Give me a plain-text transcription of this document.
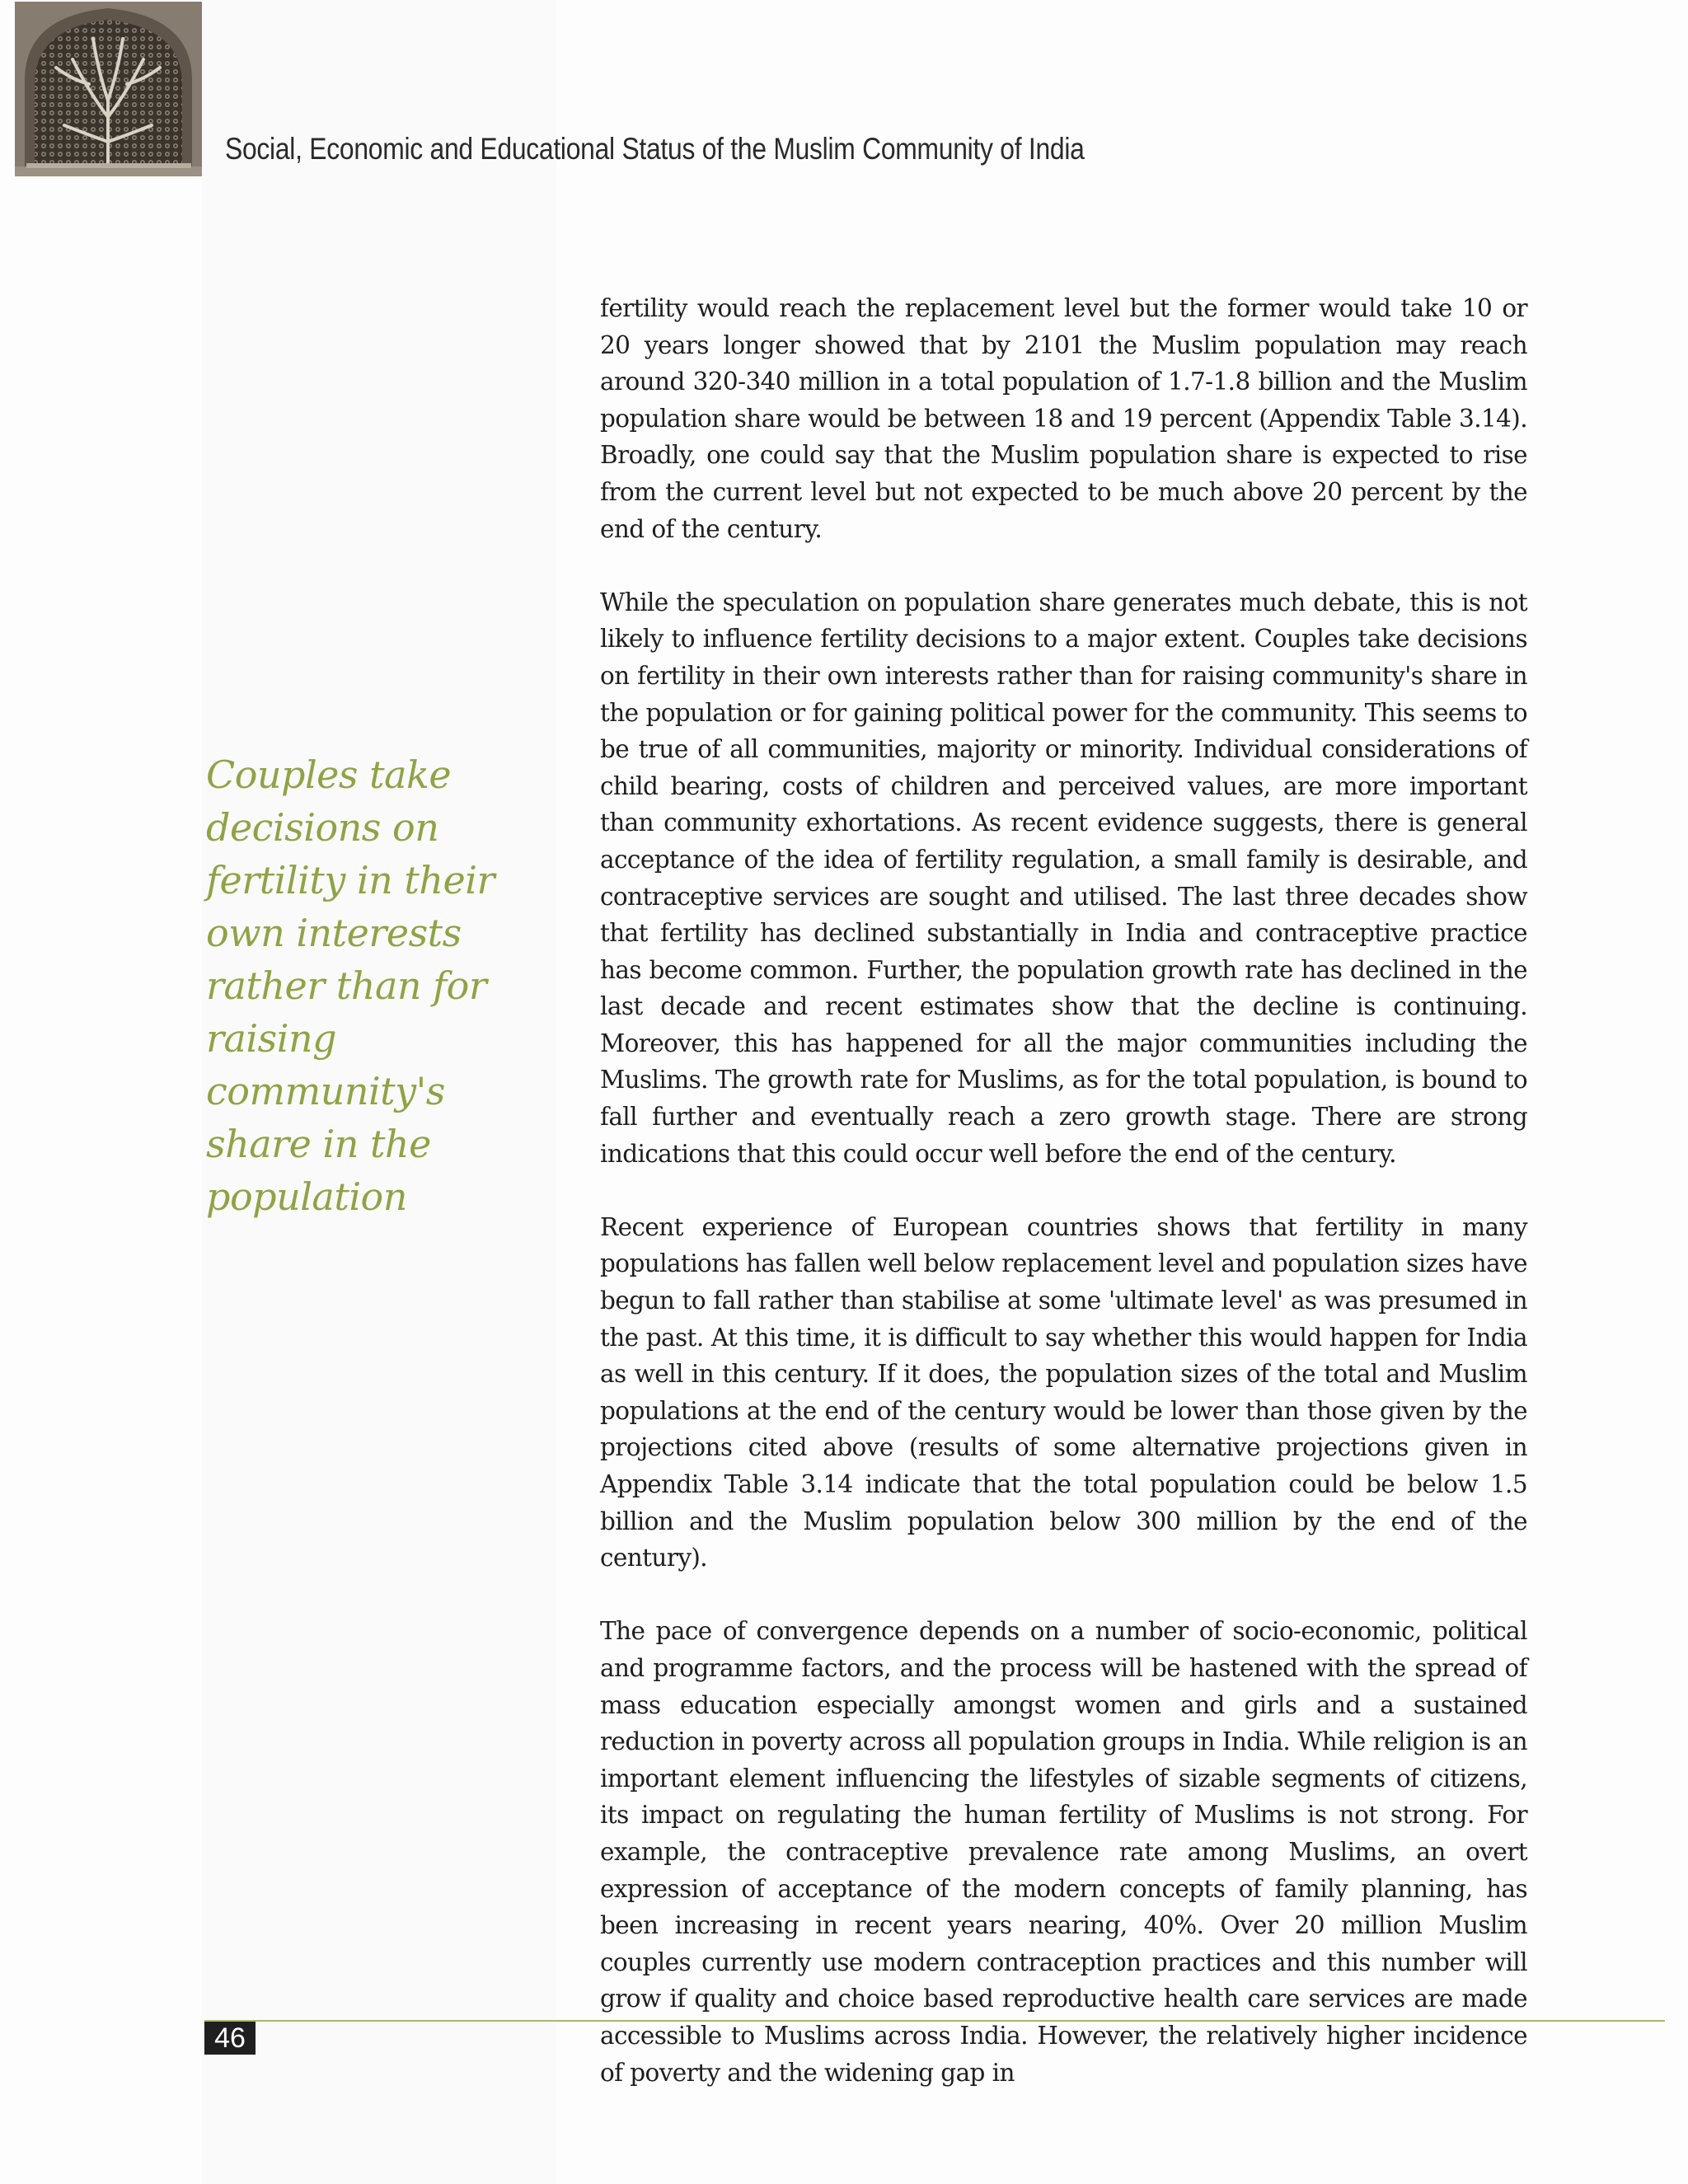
Social, Economic and Educational Status of the Muslim Community of India

Couples take decisions on fertility in their own interests rather than for raising community's share in the population

fertility would reach the replacement level but the former would take 10 or 20 years longer showed that by 2101 the Muslim population may reach around 320-340 million in a total population of 1.7-1.8 billion and the Muslim population share would be between 18 and 19 percent (Appendix Table 3.14). Broadly, one could say that the Muslim population share is expected to rise from the current level but not expected to be much above 20 percent by the end of the century.

While the speculation on population share generates much debate, this is not likely to influence fertility decisions to a major extent. Couples take decisions on fertility in their own interests rather than for raising community's share in the population or for gaining political power for the community. This seems to be true of all communities, majority or minority. Individual considerations of child bearing, costs of children and perceived values, are more important than community exhortations. As recent evidence suggests, there is general acceptance of the idea of fertility regulation, a small family is desirable, and contraceptive services are sought and utilised. The last three decades show that fertility has declined substantially in India and contraceptive practice has become common. Further, the population growth rate has declined in the last decade and recent estimates show that the decline is continuing. Moreover, this has happened for all the major communities including the Muslims. The growth rate for Muslims, as for the total population, is bound to fall further and eventually reach a zero growth stage. There are strong indications that this could occur well before the end of the century.

Recent experience of European countries shows that fertility in many populations has fallen well below replacement level and population sizes have begun to fall rather than stabilise at some 'ultimate level' as was presumed in the past. At this time, it is difficult to say whether this would happen for India as well in this century. If it does, the population sizes of the total and Muslim populations at the end of the century would be lower than those given by the projections cited above (results of some alternative projections given in Appendix Table 3.14 indicate that the total population could be below 1.5 billion and the Muslim population below 300 million by the end of the century).

The pace of convergence depends on a number of socio-economic, political and programme factors, and the process will be hastened with the spread of mass education especially amongst women and girls and a sustained reduction in poverty across all population groups in India. While religion is an important element influencing the lifestyles of sizable segments of citizens, its impact on regulating the human fertility of Muslims is not strong. For example, the contraceptive prevalence rate among Muslims, an overt expression of acceptance of the modern concepts of family planning, has been increasing in recent years nearing, 40%. Over 20 million Muslim couples currently use modern contraception practices and this number will grow if quality and choice based reproductive health care services are made accessible to Muslims across India. However, the relatively higher incidence of poverty and the widening gap in

46
